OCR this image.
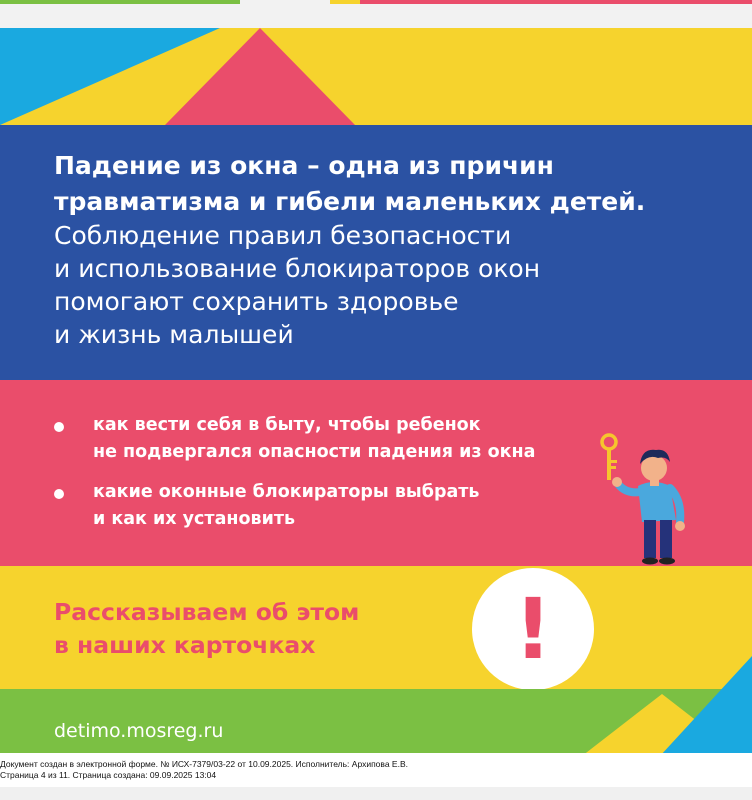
Падение из окна – одна из причин
травматизма и гибели маленьких детей.
Соблюдение правил безопасности
и использование блокираторов окон
помогают сохранить здоровье
и жизнь малышей
как вести себя в быту, чтобы ребенок
не подвергался опасности падения из окна
какие оконные блокираторы выбрать
и как их установить
Рассказываем об этом
в наших карточках	!
detimo.mosreg.ru
Документ создан в электронной форме. № ИСХ-7379/03-22 от 10.09.2025. Исполнитель: Архипова Е.В.
Страница 4 из 11. Страница создана: 09.09.2025 13:04
